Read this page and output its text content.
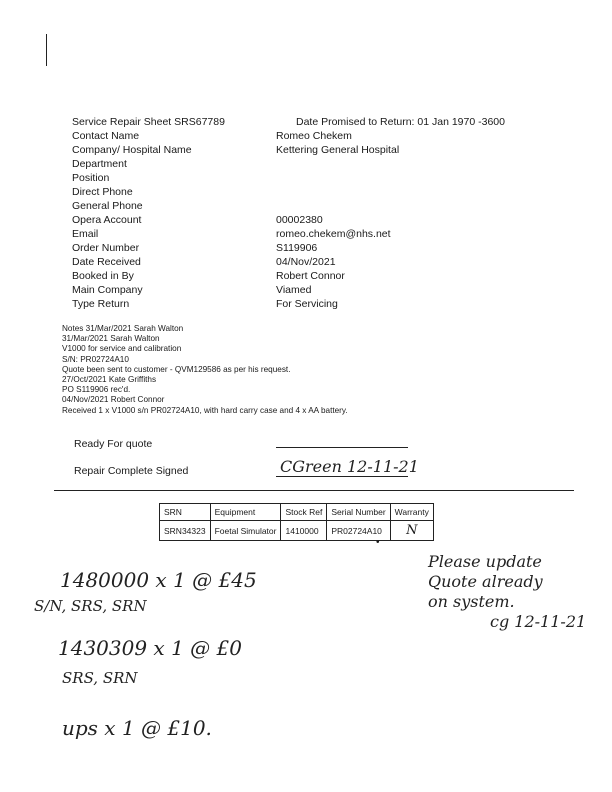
Service Repair Sheet SRS67789	Date Promised to Return: 01 Jan 1970 -3600
Contact Name	Romeo Chekem
Company/ Hospital Name	Kettering General Hospital
Department
Position
Direct Phone
General Phone
Opera Account	00002380
Email	romeo.chekem@nhs.net
Order Number	S119906
Date Received	04/Nov/2021
Booked in By	Robert Connor
Main Company	Viamed
Type Return	For Servicing
Notes 31/Mar/2021 Sarah Walton
31/Mar/2021 Sarah Walton
V1000 for service and calibration
S/N: PR02724A10
Quote been sent to customer - QVM129586 as per his request.
27/Oct/2021 Kate Griffiths
PO S119906 rec'd.
04/Nov/2021 Robert Connor
Received 1 x V1000 s/n PR02724A10, with hard carry case and 4 x AA battery.
Ready For quote
Repair Complete Signed	CGreen 12-11-21
SRN	Equipment	Stock Ref	Serial Number	Warranty
SRN34323	Foetal Simulator	1410000	PR02724A10	N
•
1480000 x 1 @ £45
S/N, SRS, SRN
1430309 x 1 @ £0
SRS, SRN
ups x 1 @ £10.
Please update
Quote already
on system.
cg 12-11-21
